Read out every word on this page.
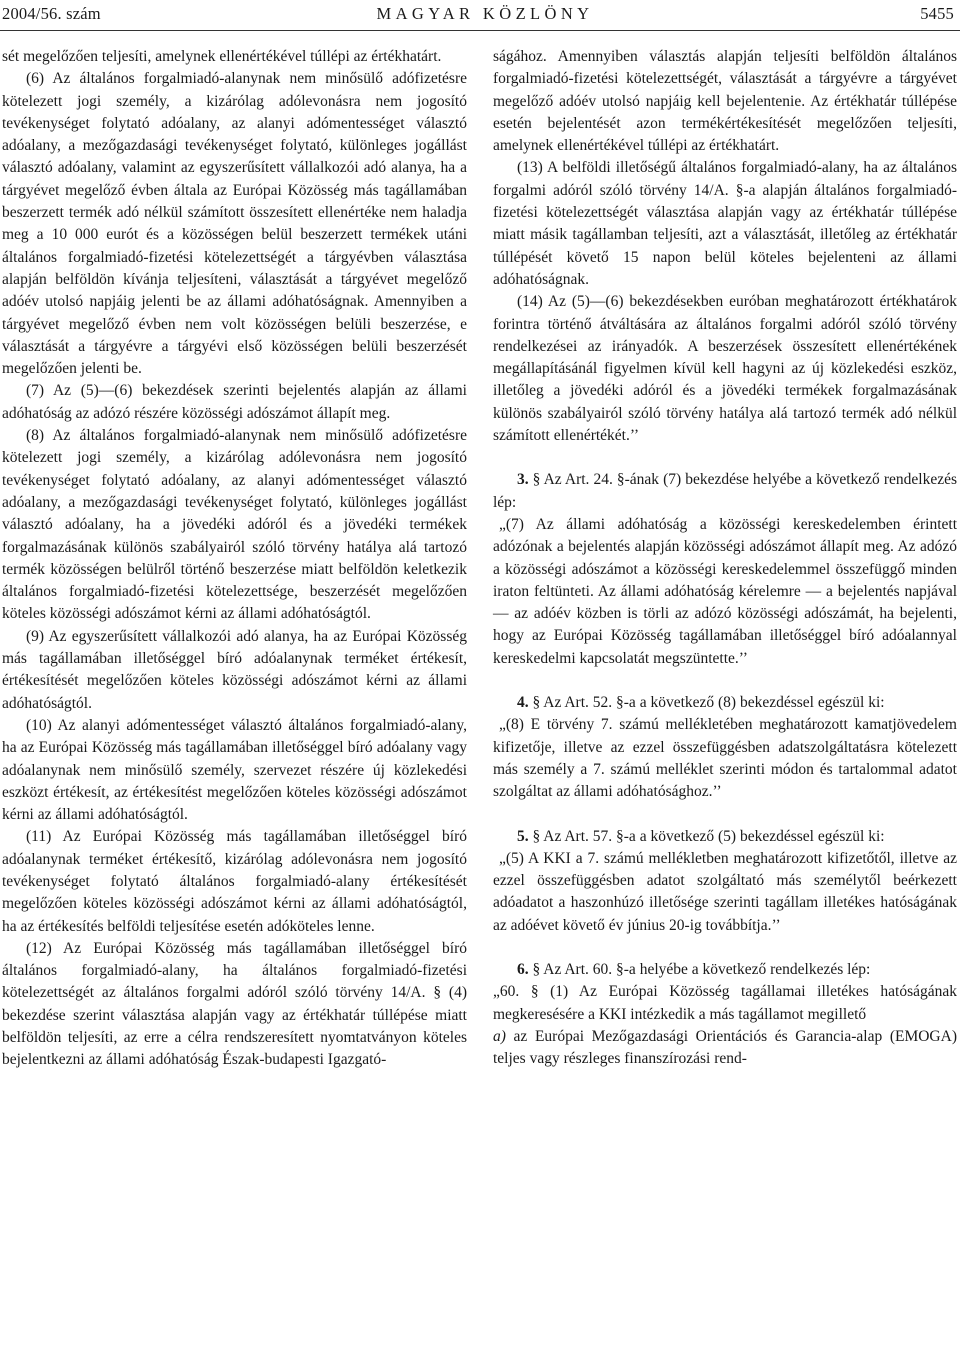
2004/56. szám	MAGYAR KÖZLÖNY	5455

sét megelőzően teljesíti, amelynek ellenértékével túllépi az értékhatárt.

(6) Az általános forgalmiadó-alanynak nem minősülő adófizetésre kötelezett jogi személy, a kizárólag adólevonásra nem jogosító tevékenységet folytató adóalany, az alanyi adómentességet választó adóalany, a mezőgazdasági tevékenységet folytató, különleges jogállást választó adóalany, valamint az egyszerűsített vállalkozói adó alanya, ha a tárgyévet megelőző évben általa az Európai Közösség más tagállamában beszerzett termék adó nélkül számított összesített ellenértéke nem haladja meg a 10 000 eurót és a közösségen belül beszerzett termékek utáni általános forgalmiadó-fizetési kötelezettségét a tárgyévben választása alapján belföldön kívánja teljesíteni, választását a tárgyévet megelőző adóév utolsó napjáig jelenti be az állami adóhatóságnak. Amennyiben a tárgyévet megelőző évben nem volt közösségen belüli beszerzése, e választását a tárgyévre a tárgyévi első közösségen belüli beszerzését megelőzően jelenti be.

(7) Az (5)—(6) bekezdések szerinti bejelentés alapján az állami adóhatóság az adózó részére közösségi adószámot állapít meg.

(8) Az általános forgalmiadó-alanynak nem minősülő adófizetésre kötelezett jogi személy, a kizárólag adólevonásra nem jogosító tevékenységet folytató adóalany, az alanyi adómentességet választó adóalany, a mezőgazdasági tevékenységet folytató, különleges jogállást választó adóalany, ha a jövedéki adóról és a jövedéki termékek forgalmazásának különös szabályairól szóló törvény hatálya alá tartozó termék közösségen belülről történő beszerzése miatt belföldön keletkezik általános forgalmiadó-fizetési kötelezettsége, beszerzését megelőzően köteles közösségi adószámot kérni az állami adóhatóságtól.

(9) Az egyszerűsített vállalkozói adó alanya, ha az Európai Közösség más tagállamában illetőséggel bíró adóalanynak terméket értékesít, értékesítését megelőzően köteles közösségi adószámot kérni az állami adóhatóságtól.

(10) Az alanyi adómentességet választó általános forgalmiadó-alany, ha az Európai Közösség más tagállamában illetőséggel bíró adóalany vagy adóalanynak nem minősülő személy, szervezet részére új közlekedési eszközt értékesít, az értékesítést megelőzően köteles közösségi adószámot kérni az állami adóhatóságtól.

(11) Az Európai Közösség más tagállamában illetőséggel bíró adóalanynak terméket értékesítő, kizárólag adólevonásra nem jogosító tevékenységet folytató általános forgalmiadó-alany értékesítését megelőzően köteles közösségi adószámot kérni az állami adóhatóságtól, ha az értékesítés belföldi teljesítése esetén adóköteles lenne.

(12) Az Európai Közösség más tagállamában illetőséggel bíró általános forgalmiadó-alany, ha általános forgalmiadó-fizetési kötelezettségét az általános forgalmi adóról szóló törvény 14/A. § (4) bekezdése szerint választása alapján vagy az értékhatár túllépése miatt belföldön teljesíti, az erre a célra rendszeresített nyomtatványon köteles bejelentkezni az állami adóhatóság Észak-budapesti Igazgató-

ságához. Amennyiben választás alapján teljesíti belföldön általános forgalmiadó-fizetési kötelezettségét, választását a tárgyévre a tárgyévet megelőző adóév utolsó napjáig kell bejelentenie. Az értékhatár túllépése esetén bejelentését azon termékértékesítését megelőzően teljesíti, amelynek ellenértékével túllépi az értékhatárt.

(13) A belföldi illetőségű általános forgalmiadó-alany, ha az általános forgalmi adóról szóló törvény 14/A. §-a alapján általános forgalmiadó-fizetési kötelezettségét választása alapján vagy az értékhatár túllépése miatt másik tagállamban teljesíti, azt a választását, illetőleg az értékhatár túllépését követő 15 napon belül köteles bejelenteni az állami adóhatóságnak.

(14) Az (5)—(6) bekezdésekben euróban meghatározott értékhatárok forintra történő átváltására az általános forgalmi adóról szóló törvény rendelkezései az irányadók. A beszerzések összesített ellenértékének megállapításánál figyelmen kívül kell hagyni az új közlekedési eszköz, illetőleg a jövedéki adóról és a jövedéki termékek forgalmazásának különös szabályairól szóló törvény hatálya alá tartozó termék adó nélkül számított ellenértékét.’’

3. § Az Art. 24. §-ának (7) bekezdése helyébe a következő rendelkezés lép:

„(7) Az állami adóhatóság a közösségi kereskedelemben érintett adózónak a bejelentés alapján közösségi adószámot állapít meg. Az adózó a közösségi adószámot a közösségi kereskedelemmel összefüggő minden iraton feltünteti. Az állami adóhatóság kérelemre — a bejelentés napjával — az adóév közben is törli az adózó közösségi adószámát, ha bejelenti, hogy az Európai Közösség tagállamában illetőséggel bíró adóalannyal kereskedelmi kapcsolatát megszüntette.’’

4. § Az Art. 52. §-a a következő (8) bekezdéssel egészül ki:

„(8) E törvény 7. számú mellékletében meghatározott kamatjövedelem kifizetője, illetve az ezzel összefüggésben adatszolgáltatásra kötelezett más személy a 7. számú melléklet szerinti módon és tartalommal adatot szolgáltat az állami adóhatósághoz.’’

5. § Az Art. 57. §-a a következő (5) bekezdéssel egészül ki:

„(5) A KKI a 7. számú mellékletben meghatározott kifizetőtől, illetve az ezzel összefüggésben adatot szolgáltató más személytől beérkezett adóadatot a haszonhúzó illetősége szerinti tagállam illetékes hatóságának az adóévet követő év június 20-ig továbbítja.’’

6. § Az Art. 60. §-a helyébe a következő rendelkezés lép:

„60. § (1) Az Európai Közösség tagállamai illetékes hatóságának megkeresésére a KKI intézkedik a más tagállamot megillető

a) az Európai Mezőgazdasági Orientációs és Garancia-alap (EMOGA) teljes vagy részleges finanszírozási rend-
